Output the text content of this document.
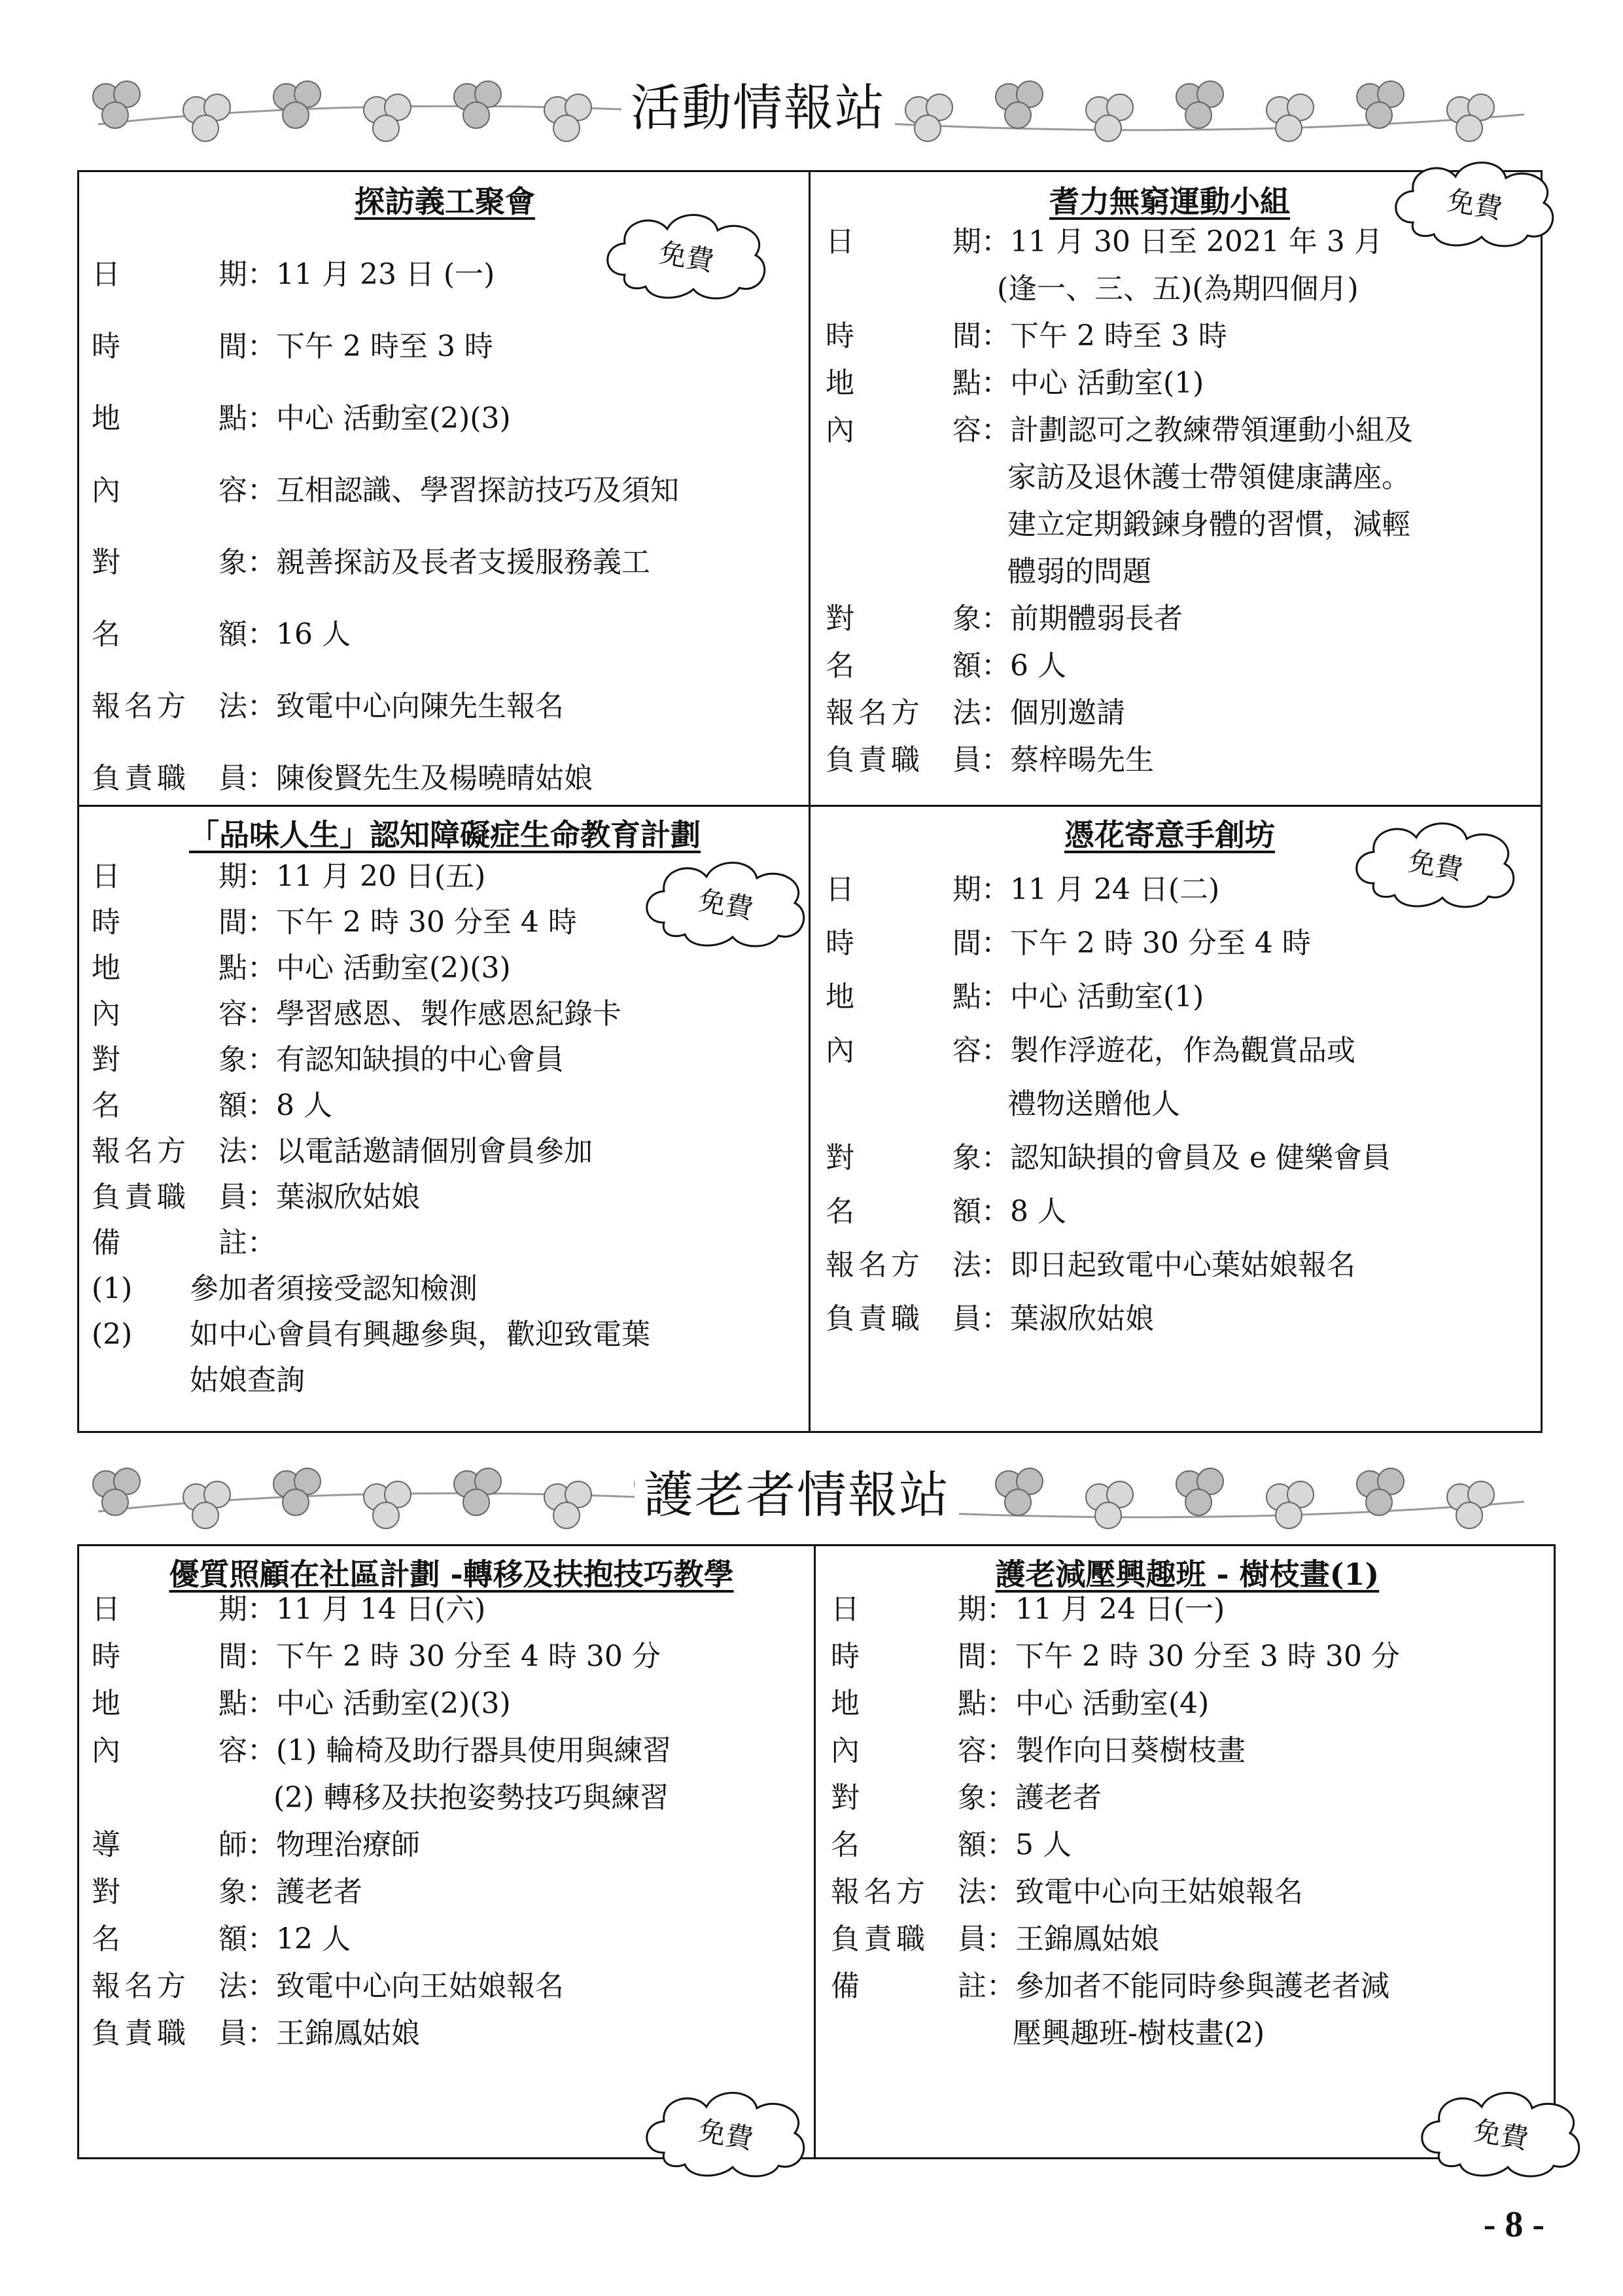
活動情報站
護老者情報站
免費
免費
免費
免費
免費	免費
- 8 -
探訪義工聚會
日	期 ：11 月 23 日 (一)
時	間 ：下午 2 時至 3 時
地	點 ：中心 活動室(2)(3)
內	容 ：互相認識、學習探訪技巧及須知
對	象 ：親善探訪及長者支援服務義工
名	額 ：16 人
報名方 法 ：致電中心向陳先生報名
負責職 員 ：陳俊賢先生及楊曉晴姑娘
耆力無窮運動小組
日	期 ：11 月 30 日至 2021 年 3 月
(逢一、三、五)(為期四個月)
時	間 ：下午 2 時至 3 時
地	點 ：中心 活動室(1)
內	容 ：計劃認可之教練帶領運動小組及
家訪及退休護士帶領健康講座。
建立定期鍛鍊身體的習慣，減輕
體弱的問題
對	象 ：前期體弱長者
名	額 ：6 人
報名方 法 ：個別邀請
負責職 員 ：蔡梓暘先生
「品味人生」認知障礙症生命教育計劃
日	期 ：11 月 20 日(五)
時	間 ：下午 2 時 30 分至 4 時
地	點 ：中心 活動室(2)(3)
內	容 ：學習感恩、製作感恩紀錄卡
對	象 ：有認知缺損的中心會員
名	額 ：8 人
報名方 法 ：以電話邀請個別會員參加
負責職 員 ：葉淑欣姑娘
備	註 ：
(1) 參加者須接受認知檢測
(2) 如中心會員有興趣參與，歡迎致電葉
姑娘查詢
憑花寄意手創坊
日	期 ：11 月 24 日(二)
時	間 ：下午 2 時 30 分至 4 時
地	點 ：中心 活動室(1)
內	容 ：製作浮遊花，作為觀賞品或
禮物送贈他人
對	象 ：認知缺損的會員及 e 健樂會員
名	額 ：8 人
報名方 法 ：即日起致電中心葉姑娘報名
負責職 員 ：葉淑欣姑娘
優質照顧在社區計劃 -轉移及扶抱技巧教學
日	期 ：11 月 14 日(六)
時	間 ：下午 2 時 30 分至 4 時 30 分
地	點 ：中心 活動室(2)(3)
內	容 ：(1) 輪椅及助行器具使用與練習
(2) 轉移及扶抱姿勢技巧與練習
導	師 ：物理治療師
對	象 ：護老者
名	額 ：12 人
報名方 法 ：致電中心向王姑娘報名
負責職 員 ：王錦鳳姑娘
護老減壓興趣班 - 樹枝畫(1)
日	期 ：11 月 24 日(一)
時	間 ：下午 2 時 30 分至 3 時 30 分
地	點 ：中心 活動室(4)
內	容 ：製作向日葵樹枝畫
對	象 ：護老者
名	額 ：5 人
報名方 法 ：致電中心向王姑娘報名
負責職 員 ：王錦鳳姑娘
備	註 ：參加者不能同時參與護老者減
壓興趣班-樹枝畫(2)
